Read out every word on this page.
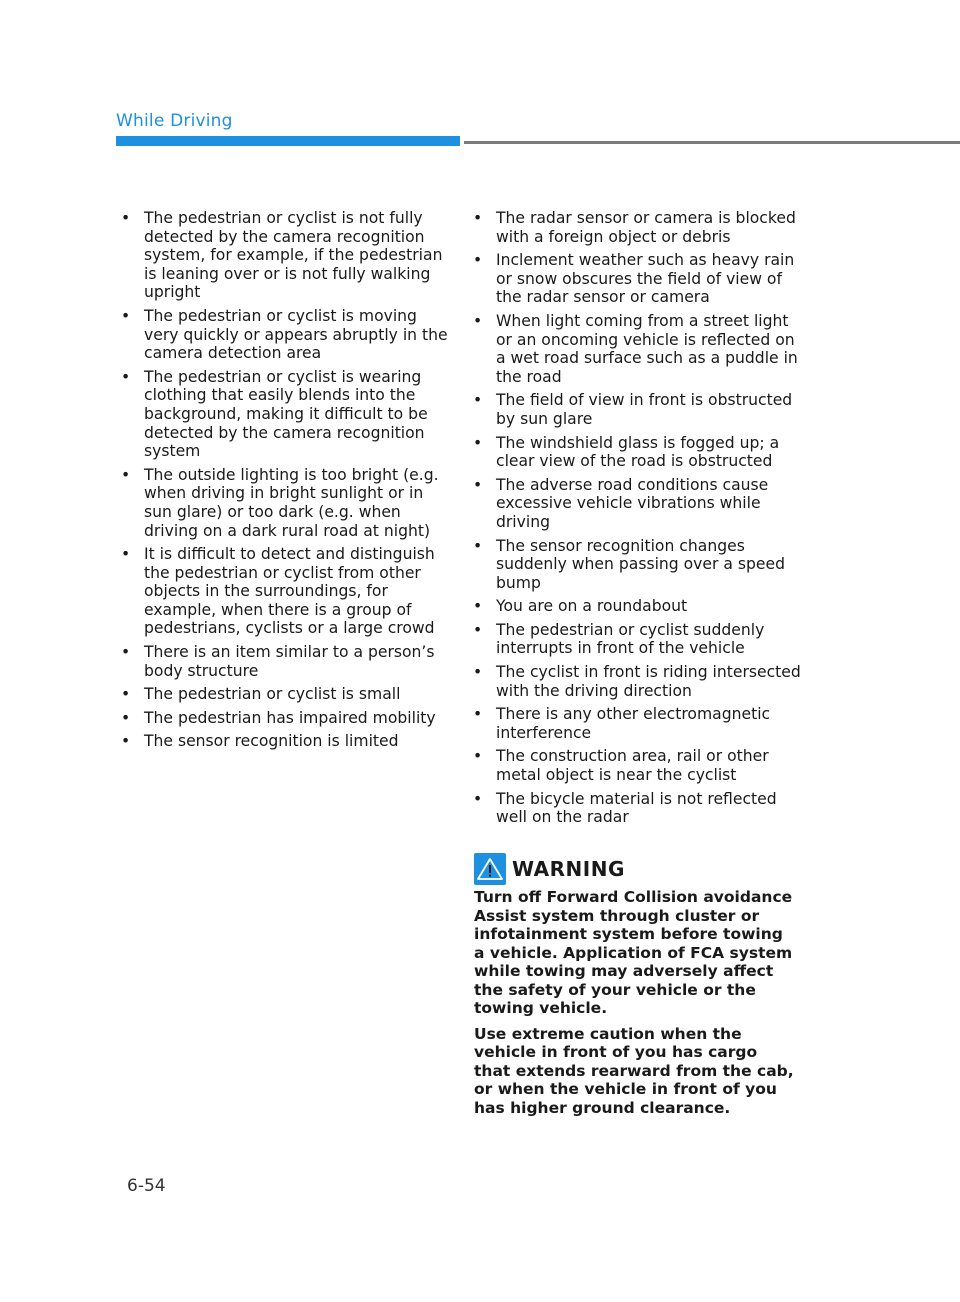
While Driving
• The pedestrian or cyclist is not fully detected by the camera recognition system, for example, if the pedestrian is leaning over or is not fully walking upright
• The pedestrian or cyclist is moving very quickly or appears abruptly in the camera detection area
• The pedestrian or cyclist is wearing clothing that easily blends into the background, making it difficult to be detected by the camera recognition system
• The outside lighting is too bright (e.g. when driving in bright sunlight or in sun glare) or too dark (e.g. when driving on a dark rural road at night)
• It is difficult to detect and distinguish the pedestrian or cyclist from other objects in the surroundings, for example, when there is a group of pedestrians, cyclists or a large crowd
• There is an item similar to a person’s body structure
• The pedestrian or cyclist is small
• The pedestrian has impaired mobility
• The sensor recognition is limited
• The radar sensor or camera is blocked with a foreign object or debris
• Inclement weather such as heavy rain or snow obscures the field of view of the radar sensor or camera
• When light coming from a street light or an oncoming vehicle is reflected on a wet road surface such as a puddle in the road
• The field of view in front is obstructed by sun glare
• The windshield glass is fogged up; a clear view of the road is obstructed
• The adverse road conditions cause excessive vehicle vibrations while driving
• The sensor recognition changes suddenly when passing over a speed bump
• You are on a roundabout
• The pedestrian or cyclist suddenly interrupts in front of the vehicle
• The cyclist in front is riding intersected with the driving direction
• There is any other electromagnetic interference
• The construction area, rail or other metal object is near the cyclist
• The bicycle material is not reflected well on the radar
WARNING

Turn off Forward Collision avoidance Assist system through cluster or infotainment system before towing a vehicle. Application of FCA system while towing may adversely affect the safety of your vehicle or the towing vehicle.

Use extreme caution when the vehicle in front of you has cargo that extends rearward from the cab, or when the vehicle in front of you has higher ground clearance.

6-54
